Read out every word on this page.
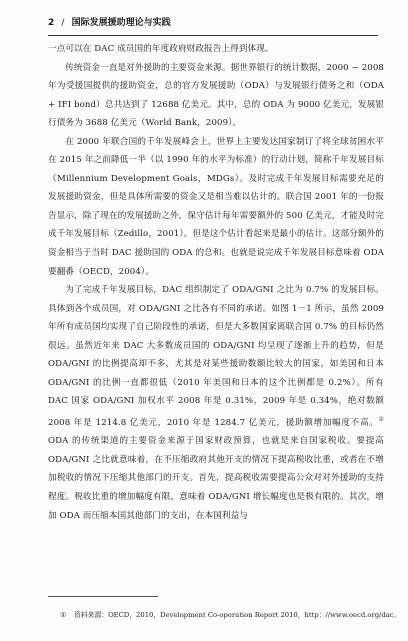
2 / 国际发展援助理论与实践

一点可以在 DAC 成员国的年度政府财政报告上得到体现。

传统资金一直是对外援助的主要资金来源。据世界银行的统计数据，2000 ~ 2008 年为受援国提供的援助资金，总的官方发展援助（ODA）与发展银行债务之和（ODA + IFI bond）总共达到了 12688 亿美元。其中，总的 ODA 为 9000 亿美元，发展银行债务为 3688 亿美元（World Bank，2009）。

在 2000 年联合国的千年发展峰会上，世界上主要发达国家制订了将全球贫困水平在 2015 年之前降低一半（以 1990 年的水平为标准）的行动计划，简称千年发展目标（Millennium Development Goals，MDGs）。及时完成千年发展目标需要充足的发展援助资金，但是具体所需要的资金又是相当难以估计的。联合国 2001 年的一份报告显示，除了现在的发展援助之外，保守估计每年需要额外的 500 亿美元，才能及时完成千年发展目标（Zedillo，2001）。但是这个估计看起来是最小的估计。这部分额外的资金相当于当时 DAC 援助国的 ODA 的总和。也就是说完成千年发展目标意味着 ODA 要翻番（OECD，2004）。

为了完成千年发展目标，DAC 组织制定了 ODA/GNI 之比为 0.7% 的发展目标。具体到各个成员国，对 ODA/GNI 之比各有不同的承诺。如图 1－1 所示，虽然 2009 年所有成员国均实现了自己阶段性的承诺，但是大多数国家离联合国 0.7% 的目标仍然很远。虽然近年来 DAC 大多数成员国的 ODA/GNI 均呈现了逐渐上升的趋势，但是 ODA/GNI 的比例提高却不多，尤其是对某些援助数额比较大的国家，如美国和日本 ODA/GNI 的比例一直都很低（2010 年美国和日本的这个比例都是 0.2%）。所有 DAC 国家 ODA/GNI 加权水平 2008 年是 0.31%，2009 年是 0.34%，绝对数额 2008 年是 1214.8 亿美元，2010 年是 1284.7 亿美元，援助额增加幅度不高。① ODA 的传统渠道的主要资金来源于国家财政预算，也就是来自国家税收。要提高 ODA/GNI 之比就意味着，在不压缩政府其他开支的情况下提高税收比重，或者在不增加税收的情况下压缩其他部门的开支。首先，提高税收需要提高公众对对外援助的支持程度。税收比重的增加幅度有限，意味着 ODA/GNI 增长幅度也是极有限的。其次，增加 ODA 而压缩本国其他部门的支出，在本国利益与

① 资料来源：OECD，2010，Development Co-operation Report 2010，http：//www.oecd.org/dac。
